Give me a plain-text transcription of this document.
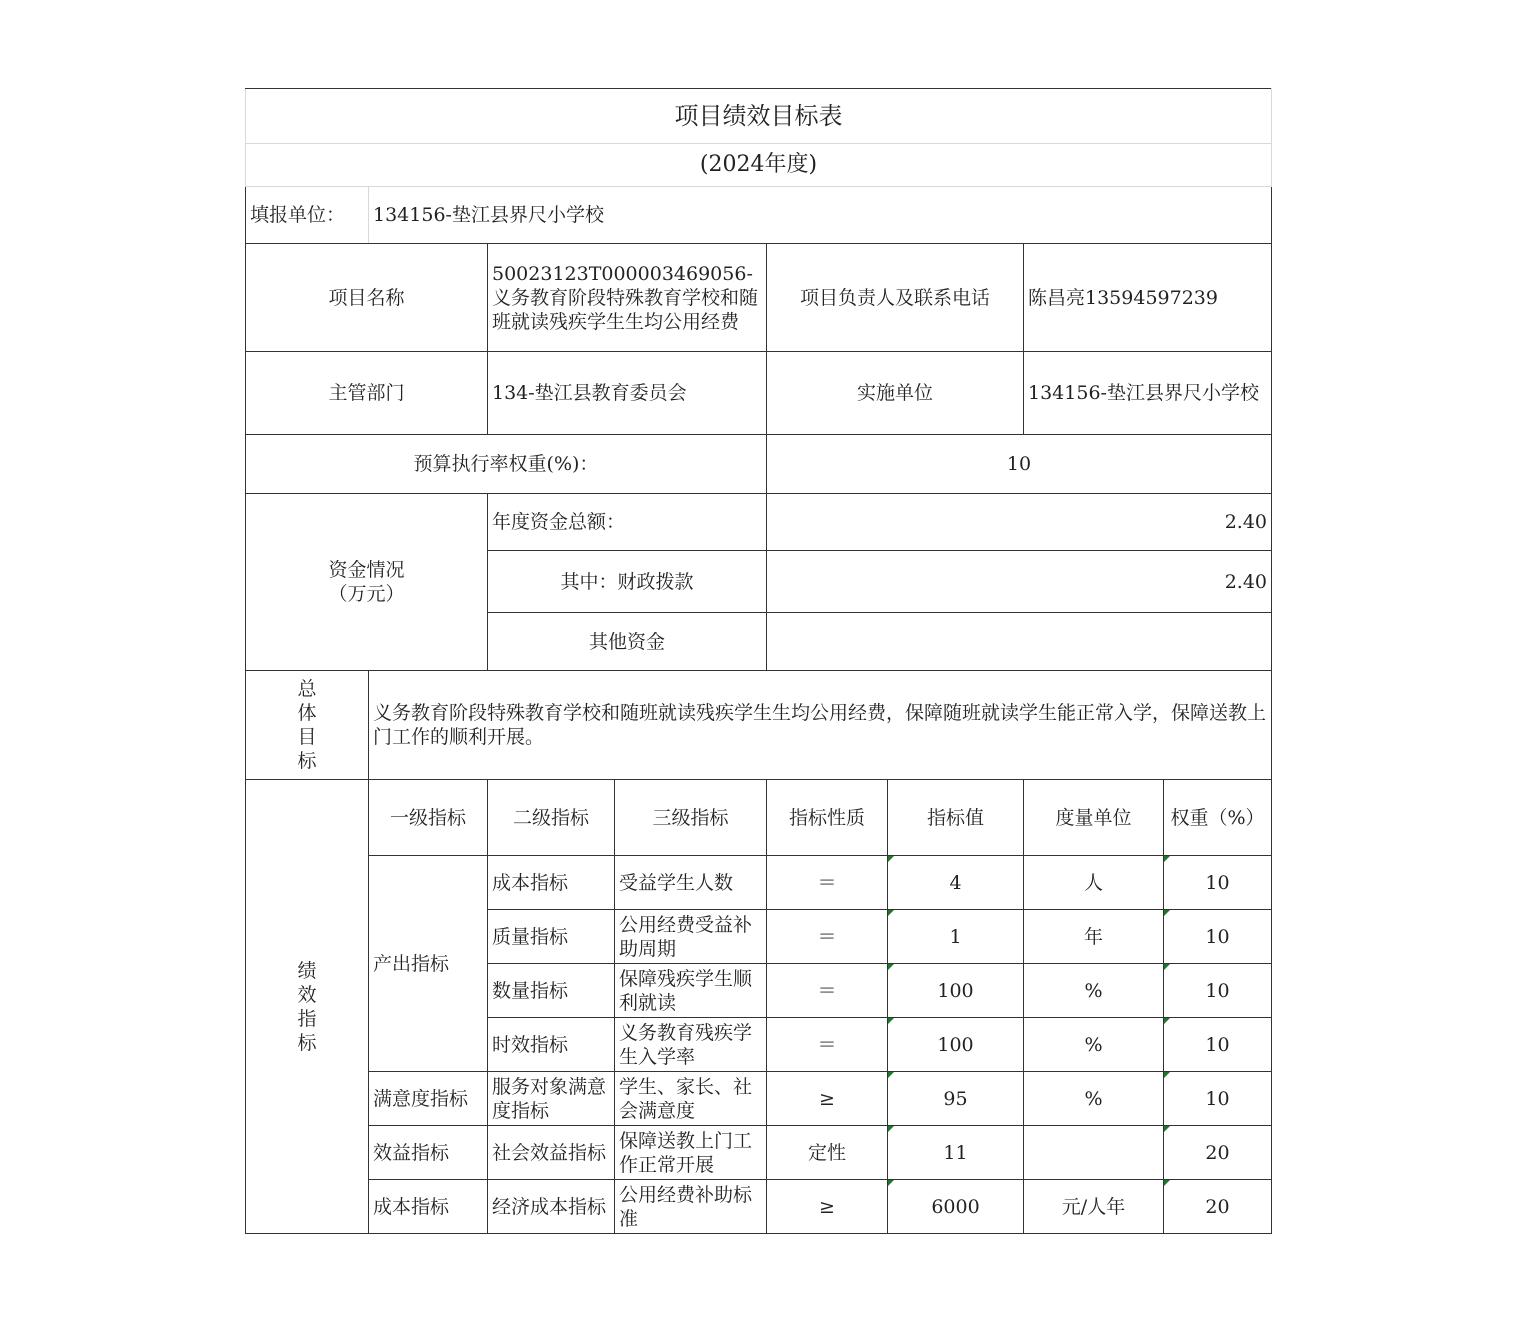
项目绩效目标表							
(2024年度)							
填报单位：	134156-垫江县界尺小学校						
项目名称		50023123T000003469056-义务教育阶段特殊教育学校和随班就读残疾学生生均公用经费		项目负责人及联系电话		陈昌亮13594597239	
主管部门		134-垫江县教育委员会		实施单位		134156-垫江县界尺小学校	
预算执行率权重(%)：				10			
资金情况
（万元）		年度资金总额：		2.40			
		其中：财政拨款		2.40			
		其他资金					
总
体
目
标	义务教育阶段特殊教育学校和随班就读残疾学生生均公用经费，保障随班就读学生能正常入学，保障送教上门工作的顺利开展。						
绩
效
指
标	一级指标	二级指标	三级指标	指标性质	指标值	度量单位	权重（%）
	产出指标	成本指标	受益学生人数	＝	4	人	10
		质量指标	公用经费受益补助周期	＝	1	年	10
		数量指标	保障残疾学生顺利就读	＝	100	%	10
		时效指标	义务教育残疾学生入学率	＝	100	%	10
	满意度指标	服务对象满意度指标	学生、家长、社会满意度	≥	95	%	10
	效益指标	社会效益指标	保障送教上门工作正常开展	定性	11		20
	成本指标	经济成本指标	公用经费补助标准	≥	6000	元/人年	20
